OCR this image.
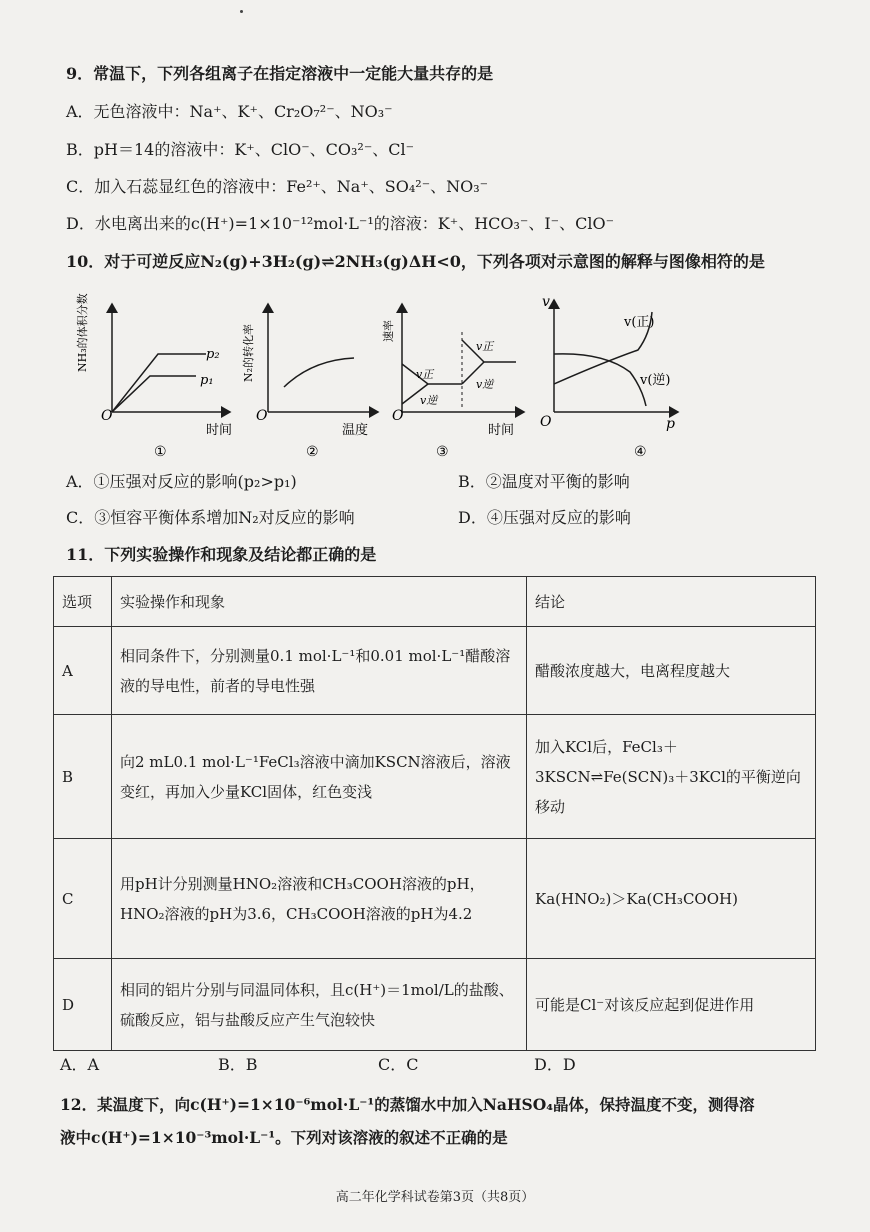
9．常温下，下列各组离子在指定溶液中一定能大量共存的是
A．无色溶液中：Na⁺、K⁺、Cr₂O₇²⁻、NO₃⁻
B．pH＝14的溶液中：K⁺、ClO⁻、CO₃²⁻、Cl⁻
C．加入石蕊显红色的溶液中：Fe²⁺、Na⁺、SO₄²⁻、NO₃⁻
D．水电离出来的c(H⁺)=1×10⁻¹²mol·L⁻¹的溶液：K⁺、HCO₃⁻、I⁻、ClO⁻
10．对于可逆反应N₂(g)+3H₂(g)⇌2NH₃(g)ΔH<0，下列各项对示意图的解释与图像相符的是
O
时间
p₂
p₁
①
NH₃的体积分数
O
温度
②
N₂的转化率
O
时间
v正
v逆
v正
v逆
③
速率
v
O	p
v(正)
v(逆)
④
A．①压强对反应的影响(p₂>p₁)	B．②温度对平衡的影响
C．③恒容平衡体系增加N₂对反应的影响	D．④压强对反应的影响
11．下列实验操作和现象及结论都正确的是
选项	实验操作和现象	结论
A	相同条件下，分别测量0.1 mol·L⁻¹和0.01 mol·L⁻¹醋酸溶液的导电性，前者的导电性强	醋酸浓度越大，电离程度越大
B	向2 mL0.1 mol·L⁻¹FeCl₃溶液中滴加KSCN溶液后，溶液变红，再加入少量KCl固体，红色变浅	加入KCl后，FeCl₃＋3KSCN⇌Fe(SCN)₃＋3KCl的平衡逆向移动
C	用pH计分别测量HNO₂溶液和CH₃COOH溶液的pH，HNO₂溶液的pH为3.6，CH₃COOH溶液的pH为4.2	Ka(HNO₂)＞Ka(CH₃COOH)
D	相同的铝片分别与同温同体积，且c(H⁺)＝1mol/L的盐酸、硫酸反应，铝与盐酸反应产生气泡较快	可能是Cl⁻对该反应起到促进作用
A．A	B．B	C．C	D．D
12．某温度下，向c(H⁺)=1×10⁻⁶mol·L⁻¹的蒸馏水中加入NaHSO₄晶体，保持温度不变，测得溶
液中c(H⁺)=1×10⁻³mol·L⁻¹。下列对该溶液的叙述不正确的是
高二年化学科试卷第3页（共8页）
